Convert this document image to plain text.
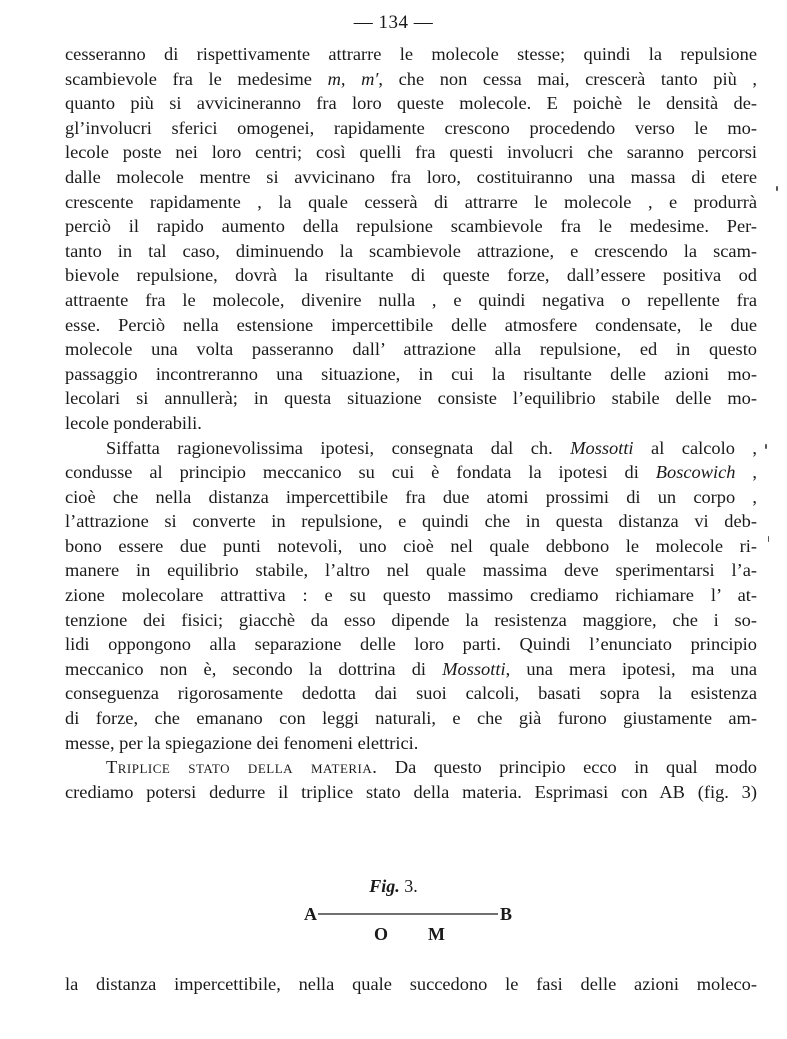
— 134 —
cesseranno di rispettivamente attrarre le molecole stesse; quindi la repulsione
scambievole fra le medesime m, m′, che non cessa mai, crescerà tanto più ,
quanto più si avvicineranno fra loro queste molecole. E poichè le densità de-
gl’involucri sferici omogenei, rapidamente crescono procedendo verso le mo-
lecole poste nei loro centri; così quelli fra questi involucri che saranno percorsi
dalle molecole mentre si avvicinano fra loro, costituiranno una massa di etere
crescente rapidamente , la quale cesserà di attrarre le molecole , e produrrà
perciò il rapido aumento della repulsione scambievole fra le medesime. Per-
tanto in tal caso, diminuendo la scambievole attrazione, e crescendo la scam-
bievole repulsione, dovrà la risultante di queste forze, dall’essere positiva od
attraente fra le molecole, divenire nulla , e quindi negativa o repellente fra
esse. Perciò nella estensione impercettibile delle atmosfere condensate, le due
molecole una volta passeranno dall’ attrazione alla repulsione, ed in questo
passaggio incontreranno una situazione, in cui la risultante delle azioni mo-
lecolari si annullerà; in questa situazione consiste l’equilibrio stabile delle mo-
lecole ponderabili.
Siffatta ragionevolissima ipotesi, consegnata dal ch. Mossotti al calcolo ,
condusse al principio meccanico su cui è fondata la ipotesi di Boscowich ,
cioè che nella distanza impercettibile fra due atomi prossimi di un corpo ,
l’attrazione si converte in repulsione, e quindi che in questa distanza vi deb-
bono essere due punti notevoli, uno cioè nel quale debbono le molecole ri-
manere in equilibrio stabile, l’altro nel quale massima deve sperimentarsi l’a-
zione molecolare attrattiva : e su questo massimo crediamo richiamare l’ at-
tenzione dei fisici; giacchè da esso dipende la resistenza maggiore, che i so-
lidi oppongono alla separazione delle loro parti. Quindi l’enunciato principio
meccanico non è, secondo la dottrina di Mossotti, una mera ipotesi, ma una
conseguenza rigorosamente dedotta dai suoi calcoli, basati sopra la esistenza
di forze, che emanano con leggi naturali, e che già furono giustamente am-
messe, per la spiegazione dei fenomeni elettrici.
Triplice stato della materia. Da questo principio ecco in qual modo
crediamo potersi dedurre il triplice stato della materia. Esprimasi con AB (fig. 3)
Fig. 3.
A	B
O M
la distanza impercettibile, nella quale succedono le fasi delle azioni moleco-
